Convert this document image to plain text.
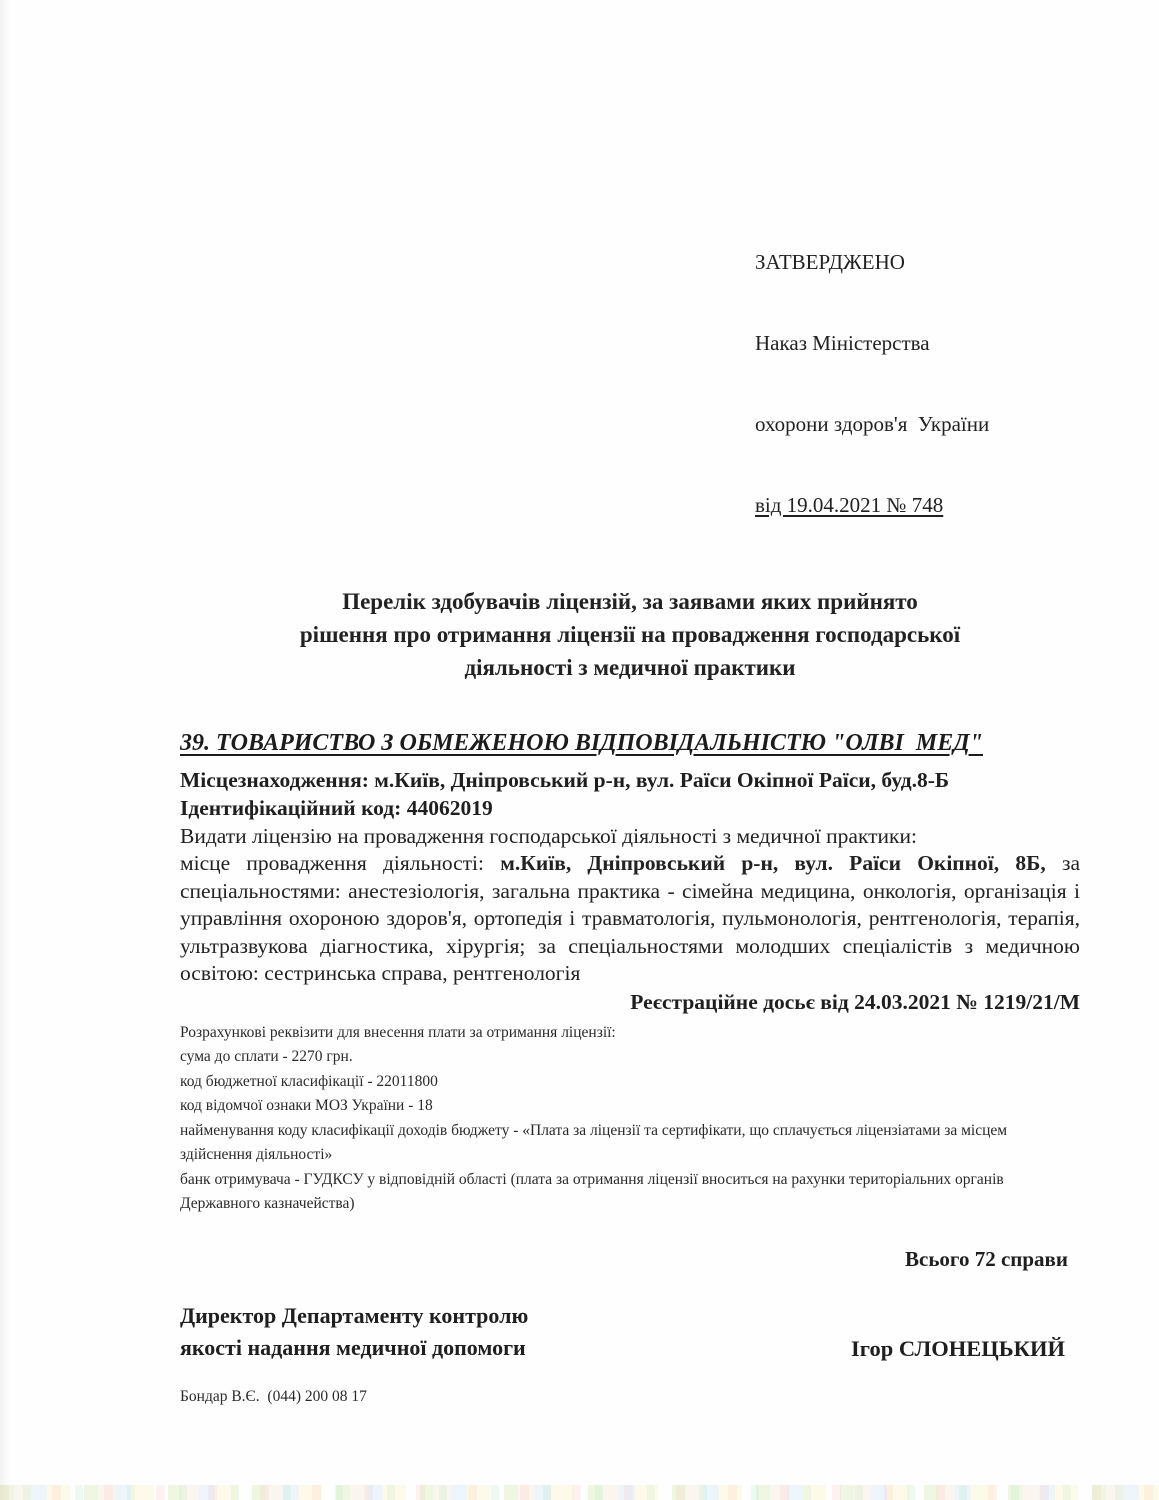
ЗАТВЕРДЖЕНО

Наказ Міністерства

охорони здоров'я  України

від 19.04.2021 № 748

Перелік здобувачів ліцензій, за заявами яких прийнято
рішення про отримання ліцензії на провадження господарської
діяльності з медичної практики
39. ТОВАРИСТВО З ОБМЕЖЕНОЮ ВІДПОВІДАЛЬНІСТЮ "ОЛВІ  МЕД"
Місцезнаходження: м.Київ, Дніпровський р-н, вул. Раїси Окіпної Раїси, буд.8-Б
Ідентифікаційний код: 44062019
Видати ліцензію на провадження господарської діяльності з медичної практики:
місце провадження діяльності: м.Київ, Дніпровський р-н, вул. Раїси Окіпної, 8Б, за спеціальностями: анестезіологія, загальна практика - сімейна медицина, онкологія, організація і управління охороною здоров'я, ортопедія і травматологія, пульмонологія, рентгенологія, терапія, ультразвукова діагностика, хірургія; за спеціальностями молодших спеціалістів з медичною освітою: сестринська справа, рентгенологія
Реєстраційне досьє від 24.03.2021 № 1219/21/М
Розрахункові реквізити для внесення плати за отримання ліцензії:
сума до сплати - 2270 грн.
код бюджетної класифікації - 22011800
код відомчої ознаки МОЗ України - 18
найменування коду класифікації доходів бюджету - «Плата за ліцензії та сертифікати, що сплачується ліцензіатами за місцем здійснення діяльності»
банк отримувача - ГУДКСУ у відповідній області (плата за отримання ліцензії вноситься на рахунки територіальних органів Державного казначейства)
Всього 72 справи
Директор Департаменту контролю
якості надання медичної допомоги	Ігор СЛОНЕЦЬКИЙ
Бондар В.Є.  (044) 200 08 17
